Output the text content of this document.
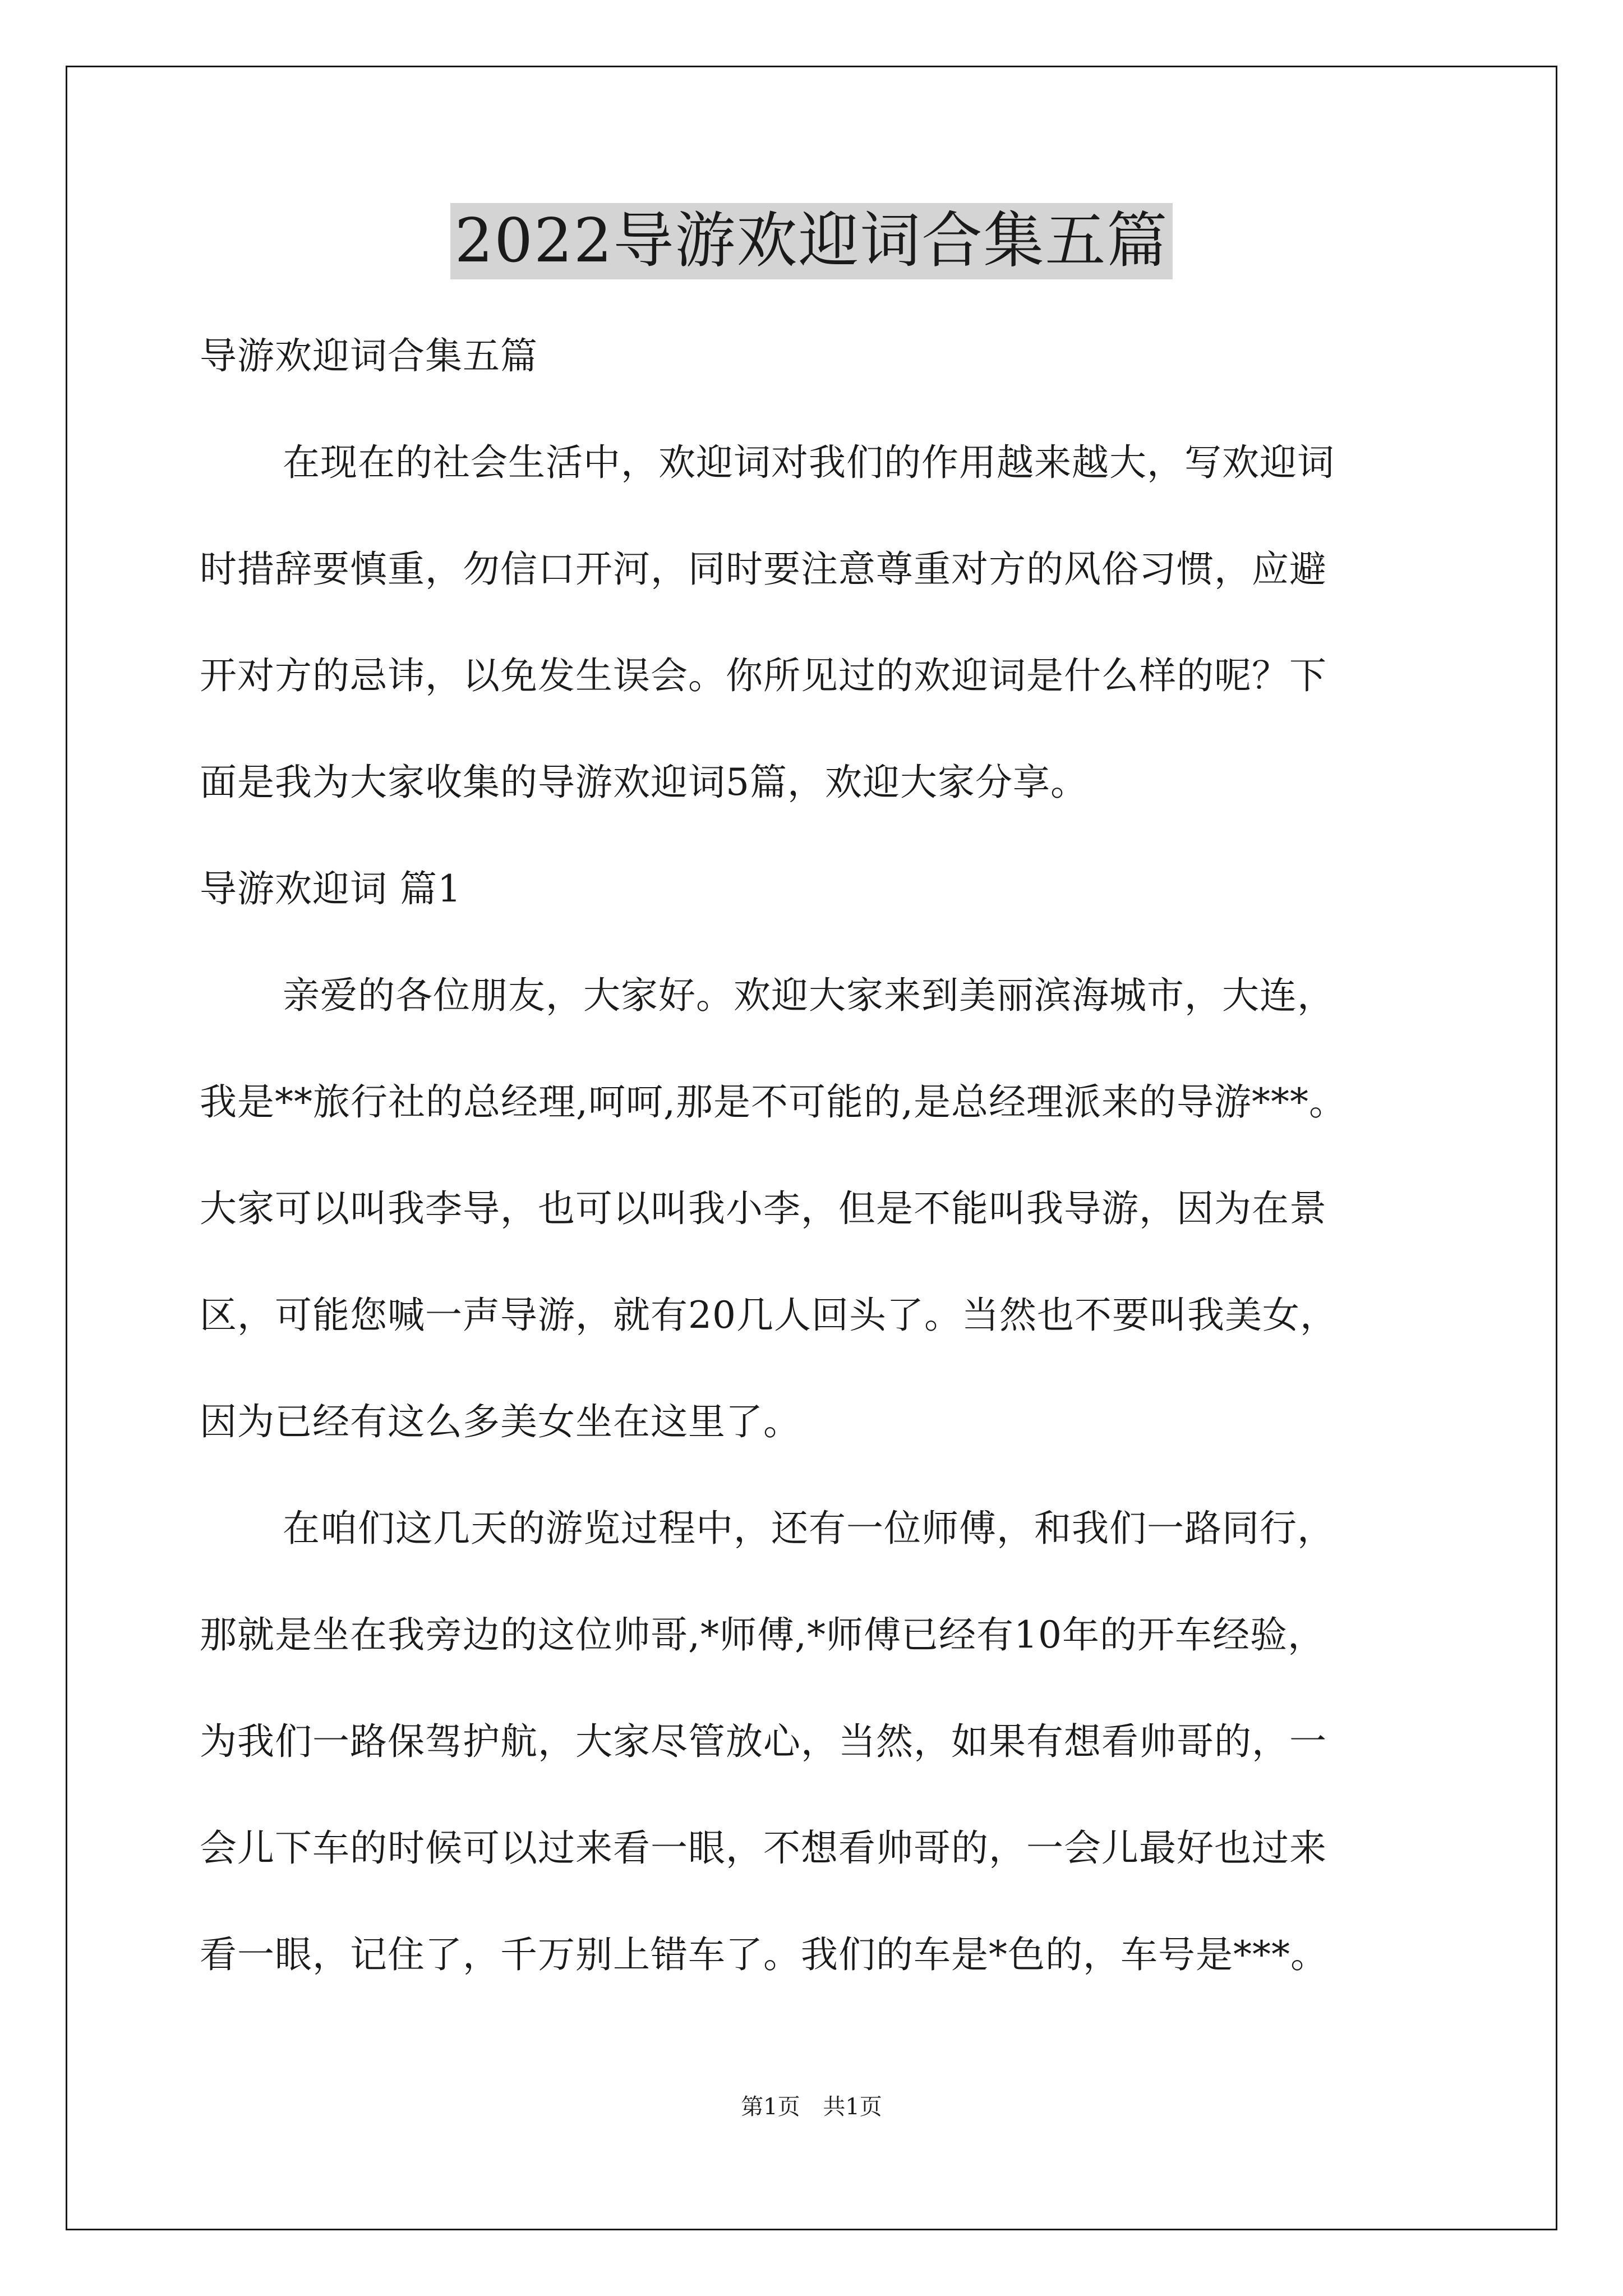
2022导游欢迎词合集五篇
导游欢迎词合集五篇
在现在的社会生活中，欢迎词对我们的作用越来越大，写欢迎词
时措辞要慎重，勿信口开河，同时要注意尊重对方的风俗习惯，应避
开对方的忌讳，以免发生误会。你所见过的欢迎词是什么样的呢？下
面是我为大家收集的导游欢迎词5篇，欢迎大家分享。
导游欢迎词 篇1
亲爱的各位朋友，大家好。欢迎大家来到美丽滨海城市，大连，
我是**旅行社的总经理,呵呵,那是不可能的,是总经理派来的导游***。
大家可以叫我李导，也可以叫我小李，但是不能叫我导游，因为在景
区，可能您喊一声导游，就有20几人回头了。当然也不要叫我美女，
因为已经有这么多美女坐在这里了。
在咱们这几天的游览过程中，还有一位师傅，和我们一路同行，
那就是坐在我旁边的这位帅哥,*师傅,*师傅已经有10年的开车经验，
为我们一路保驾护航，大家尽管放心，当然，如果有想看帅哥的，一
会儿下车的时候可以过来看一眼，不想看帅哥的，一会儿最好也过来
看一眼，记住了，千万别上错车了。我们的车是*色的，车号是***。
第1页 共1页
